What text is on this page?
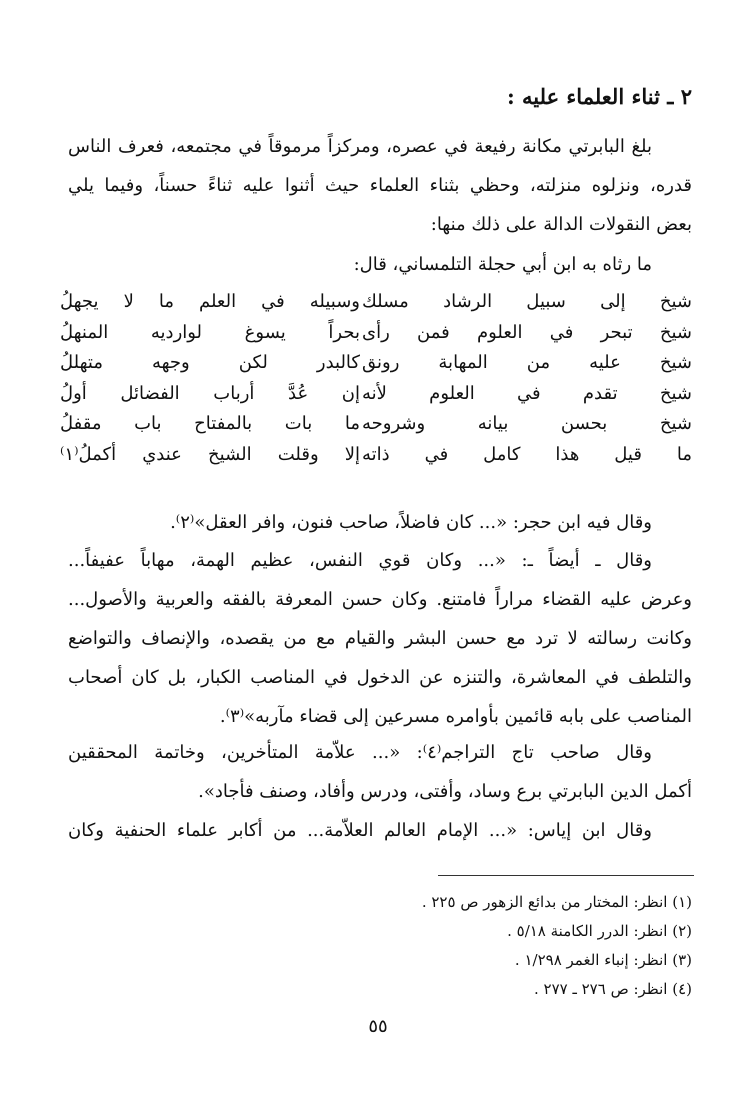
٢ ـ ثناء العلماء عليه :
بلغ البابرتي مكانة رفيعة في عصره، ومركزاً مرموقاً في مجتمعه، فعرف الناس
قدره، ونزلوه منزلته، وحظي بثناء العلماء حيث أثنوا عليه ثناءً حسناً، وفيما يلي
بعض النقولات الدالة على ذلك منها:
ما رثاه به ابن أبي حجلة التلمساني، قال:
شيخ إلى سبيل الرشاد مسلك
وسبيله في العلم ما لا يجهلُ
شيخ تبحر في العلوم فمن رأى
بحراً يسوغ لوارديه المنهلُ
شيخ عليه من المهابة رونق
كالبدر لكن وجهه متهللُ
شيخ تقدم في العلوم لأنه
إن عُدَّ أرباب الفضائل أولُ
شيخ بحسن بيانه وشروحه
ما بات بالمفتاح باب مقفلُ
ما قيل هذا كامل في ذاته
إلا وقلت الشيخ عندي أكملُ⁽١⁾
وقال فيه ابن حجر: «... كان فاضلاً، صاحب فنون، وافر العقل»⁽٢⁾.
وقال ـ أيضاً ـ: «... وكان قوي النفس، عظيم الهمة، مهاباً عفيفاً...
وعرض عليه القضاء مراراً فامتنع. وكان حسن المعرفة بالفقه والعربية والأصول...
وكانت رسالته لا ترد مع حسن البشر والقيام مع من يقصده، والإنصاف والتواضع
والتلطف في المعاشرة، والتنزه عن الدخول في المناصب الكبار، بل كان أصحاب
المناصب على بابه قائمين بأوامره مسرعين إلى قضاء مآربه»⁽٣⁾.
وقال صاحب تاج التراجم⁽٤⁾: «... علاّمة المتأخرين، وخاتمة المحققين
أكمل الدين البابرتي برع وساد، وأفتى، ودرس وأفاد، وصنف فأجاد».
وقال ابن إياس: «... الإمام العالم العلاّمة... من أكابر علماء الحنفية وكان
(١) انظر: المختار من بدائع الزهور ص ٢٢٥ .
(٢) انظر: الدرر الكامنة ٥/١٨ .
(٣) انظر: إنباء الغمر ١/٢٩٨ .
(٤) انظر: ص ٢٧٦ ـ ٢٧٧ .
٥٥
